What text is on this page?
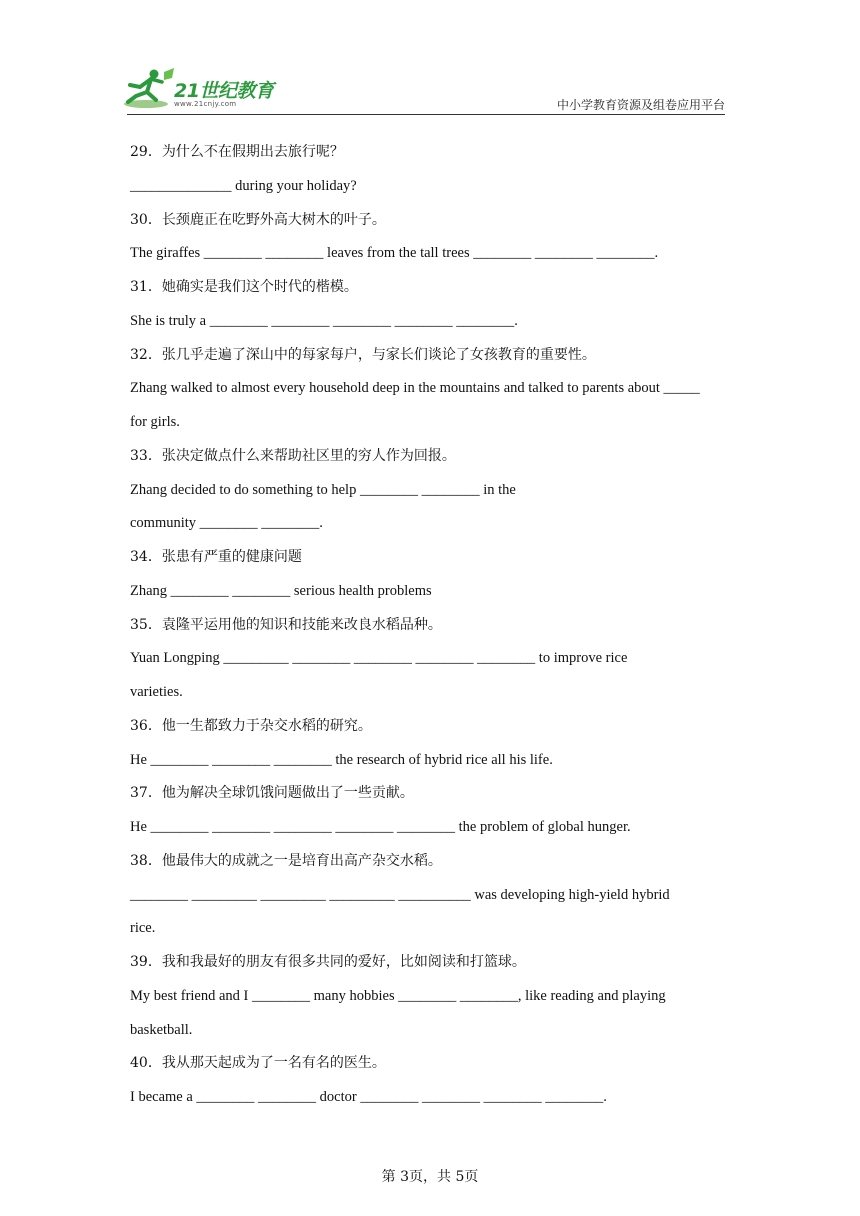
21世纪教育
www.21cnjy.com	中小学教育资源及组卷应用平台
29．为什么不在假期出去旅行呢？
______________ during your holiday?
30．长颈鹿正在吃野外高大树木的叶子。
The giraffes ________ ________ leaves from the tall trees ________ ________ ________.
31．她确实是我们这个时代的楷模。
She is truly a ________ ________ ________ ________ ________.
32．张几乎走遍了深山中的每家每户，与家长们谈论了女孩教育的重要性。
Zhang walked to almost every household deep in the mountains and talked to parents about _____
for girls.
33．张决定做点什么来帮助社区里的穷人作为回报。
Zhang decided to do something to help ________ ________ in the
community ________ ________.
34．张患有严重的健康问题
Zhang ________ ________ serious health problems
35．袁隆平运用他的知识和技能来改良水稻品种。
Yuan Longping _________ ________ ________ ________ ________ to improve rice
varieties.
36．他一生都致力于杂交水稻的研究。
He ________ ________ ________ the research of hybrid rice all his life.
37．他为解决全球饥饿问题做出了一些贡献。
He ________ ________ ________ ________ ________ the problem of global hunger.
38．他最伟大的成就之一是培育出高产杂交水稻。
________ _________ _________ _________ __________ was developing high-yield hybrid
rice.
39．我和我最好的朋友有很多共同的爱好，比如阅读和打篮球。
My best friend and I ________ many hobbies ________ ________, like reading and playing
basketball.
40．我从那天起成为了一名有名的医生。
I became a ________ ________ doctor ________ ________ ________ ________.
第 3页，共 5页
